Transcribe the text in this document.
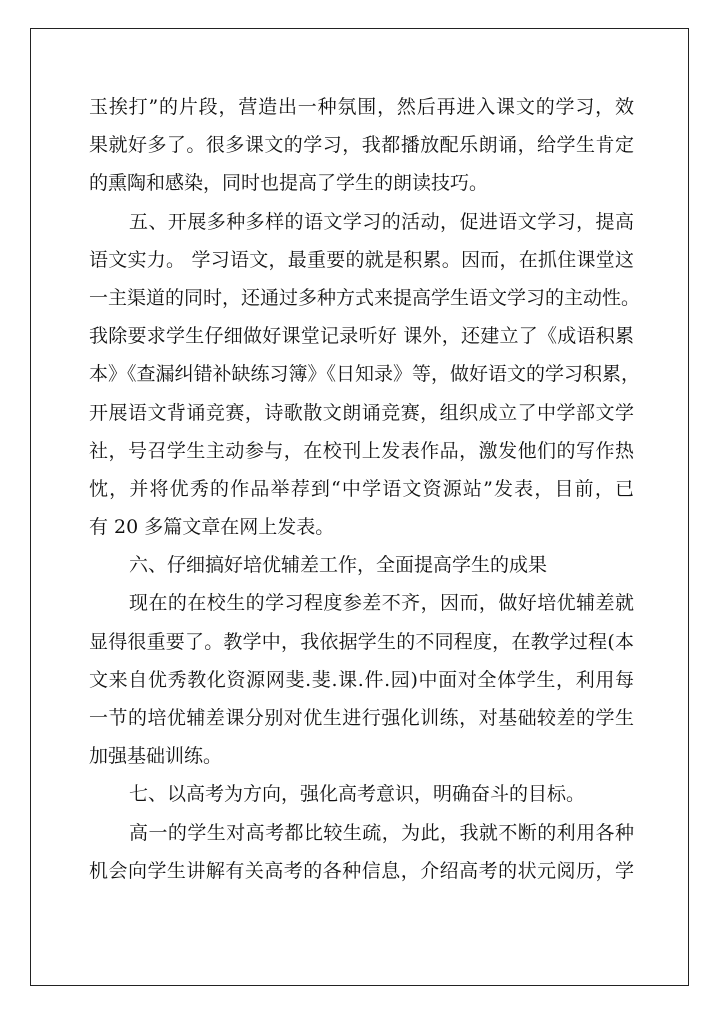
玉挨打”的片段，营造出一种氛围，然后再进入课文的学习，效
果就好多了。很多课文的学习，我都播放配乐朗诵，给学生肯定
的熏陶和感染，同时也提高了学生的朗读技巧。
五、开展多种多样的语文学习的活动，促进语文学习，提高
语文实力。 学习语文，最重要的就是积累。因而，在抓住课堂这
一主渠道的同时，还通过多种方式来提高学生语文学习的主动性。
我除要求学生仔细做好课堂记录听好 课外，还建立了《成语积累
本》《查漏纠错补缺练习簿》《日知录》等，做好语文的学习积累，
开展语文背诵竞赛，诗歌散文朗诵竞赛，组织成立了中学部文学
社，号召学生主动参与，在校刊上发表作品，激发他们的写作热
忱，并将优秀的作品举荐到“中学语文资源站”发表，目前，已
有 20 多篇文章在网上发表。
六、仔细搞好培优辅差工作，全面提高学生的成果
现在的在校生的学习程度参差不齐，因而，做好培优辅差就
显得很重要了。教学中，我依据学生的不同程度，在教学过程(本
文来自优秀教化资源网斐.斐.课.件.园)中面对全体学生，利用每
一节的培优辅差课分别对优生进行强化训练，对基础较差的学生
加强基础训练。
七、以高考为方向，强化高考意识，明确奋斗的目标。
高一的学生对高考都比较生疏，为此，我就不断的利用各种
机会向学生讲解有关高考的各种信息，介绍高考的状元阅历，学
